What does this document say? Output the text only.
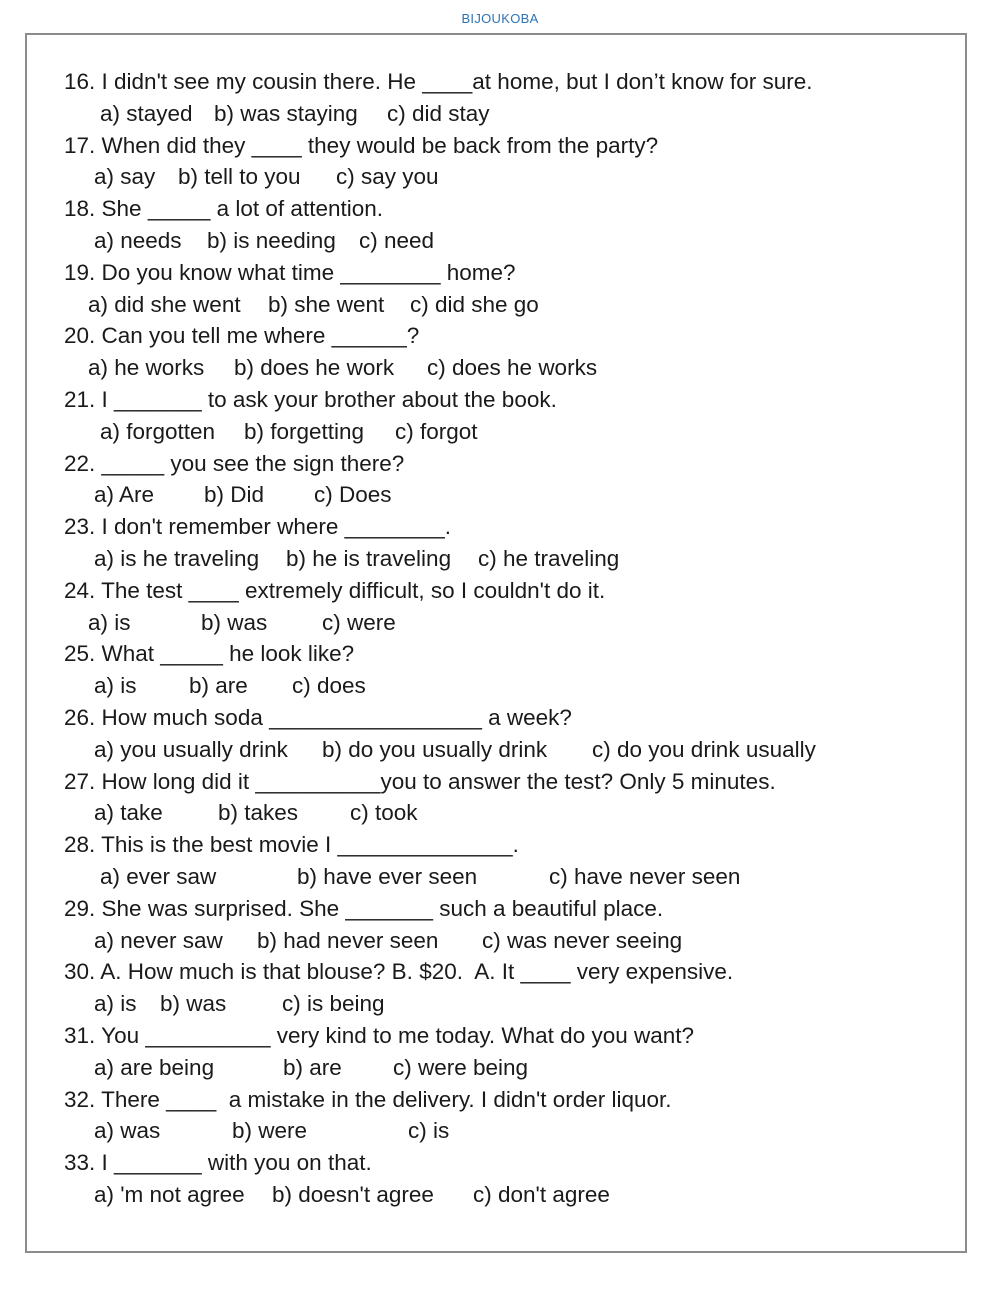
BIJOUKOBA
16. I didn't see my cousin there. He ____at home, but I don’t know for sure.
a) stayed b) was staying c) did stay
17. When did they ____ they would be back from the party?
a) say b) tell to you c) say you
18. She _____ a lot of attention.
a) needs b) is needing c) need
19. Do you know what time ________ home?
a) did she went b) she went c) did she go
20. Can you tell me where ______?
a) he works b) does he work c) does he works
21. I _______ to ask your brother about the book.
a) forgotten b) forgetting c) forgot
22. _____ you see the sign there?
a) Are b) Did c) Does
23. I don't remember where ________.
a) is he traveling b) he is traveling c) he traveling
24. The test ____ extremely difficult, so I couldn't do it.
a) is	b) was c) were
25. What _____ he look like?
a) is b) are c) does
26. How much soda _________________ a week?
a) you usually drink b) do you usually drink c) do you drink usually
27. How long did it __________you to answer the test? Only 5 minutes.
a) take b) takes c) took
28. This is the best movie I ______________.
a) ever saw	b) have ever seen	c) have never seen
29. She was surprised. She _______ such a beautiful place.
a) never saw b) had never seen c) was never seeing
30. A. How much is that blouse? B. $20.  A. It ____ very expensive.
a) is b) was c) is being
31. You __________ very kind to me today. What do you want?
a) are being	b) are c) were being
32. There ____  a mistake in the delivery. I didn't order liquor.
a) was	b) were	c) is
33. I _______ with you on that.
a) 'm not agree b) doesn't agree c) don't agree
